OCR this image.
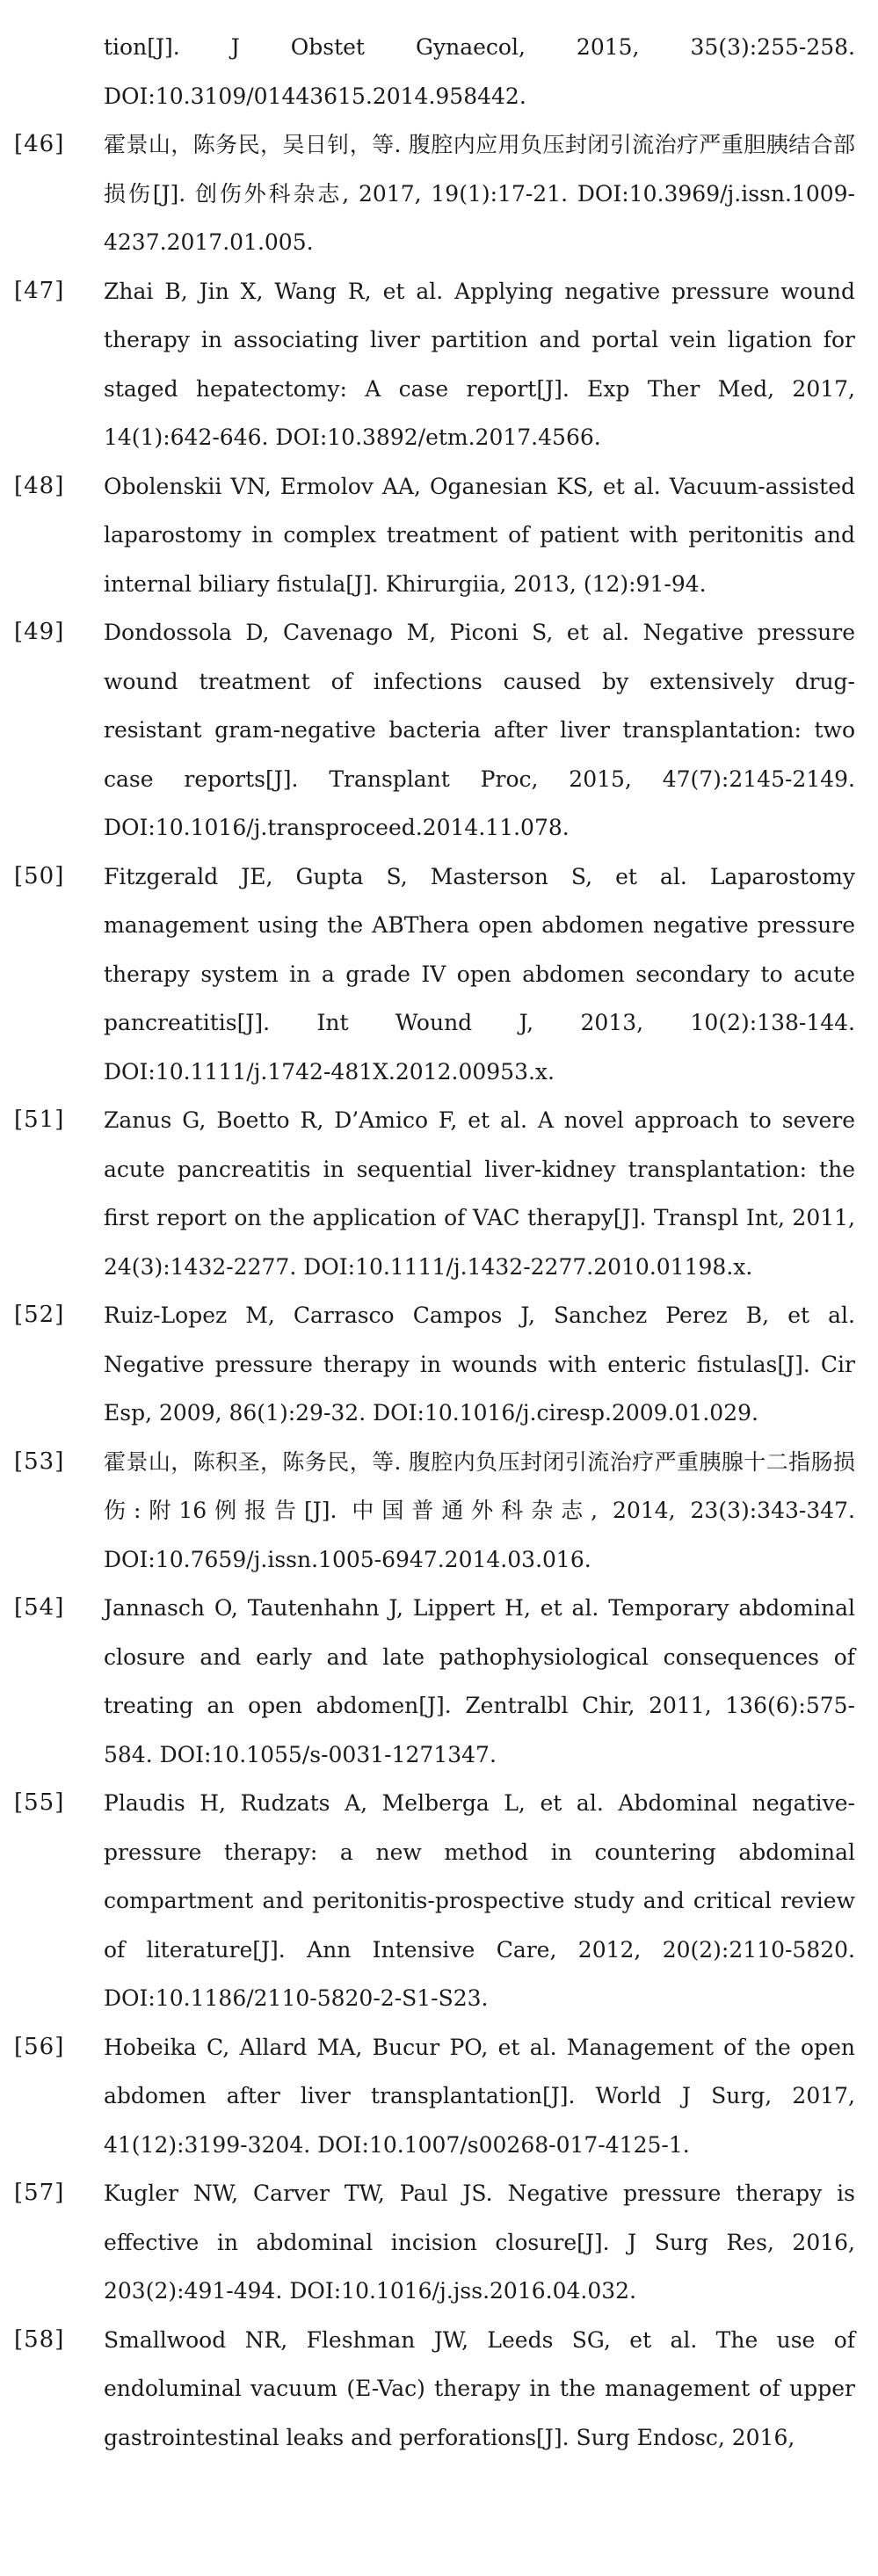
tion[J]. J Obstet Gynaecol, 2015, 35(3):255-258. DOI:10.3109/01443615.2014.958442.
[46]	霍景山，陈务民，吴日钊，等. 腹腔内应用负压封闭引流治疗严重胆胰结合部损伤[J]. 创伤外科杂志, 2017, 19(1):17-21. DOI:10.3969/j.issn.1009-4237.2017.01.005.
[47]	Zhai B, Jin X, Wang R, et al. Applying negative pressure wound therapy in associating liver partition and portal vein ligation for staged hepatectomy: A case report[J]. Exp Ther Med, 2017, 14(1):642-646. DOI:10.3892/etm.2017.4566.
[48]	Obolenskii VN, Ermolov AA, Oganesian KS, et al. Vacuum-assisted laparostomy in complex treatment of patient with peritonitis and internal biliary fistula[J]. Khirurgiia, 2013, (12):91-94.
[49]	Dondossola D, Cavenago M, Piconi S, et al. Negative pressure wound treatment of infections caused by extensively drug-resistant gram-negative bacteria after liver transplantation: two case reports[J]. Transplant Proc, 2015, 47(7):2145-2149. DOI:10.1016/j.transproceed.2014.11.078.
[50]	Fitzgerald JE, Gupta S, Masterson S, et al. Laparostomy management using the ABThera open abdomen negative pressure therapy system in a grade IV open abdomen secondary to acute pancreatitis[J]. Int Wound J, 2013, 10(2):138-144. DOI:10.1111/j.1742-481X.2012.00953.x.
[51]	Zanus G, Boetto R, D’Amico F, et al. A novel approach to severe acute pancreatitis in sequential liver-kidney transplantation: the first report on the application of VAC therapy[J]. Transpl Int, 2011, 24(3):1432-2277. DOI:10.1111/j.1432-2277.2010.01198.x.
[52]	Ruiz-Lopez M, Carrasco Campos J, Sanchez Perez B, et al. Negative pressure therapy in wounds with enteric fistulas[J]. Cir Esp, 2009, 86(1):29-32. DOI:10.1016/j.ciresp.2009.01.029.
[53]	霍景山，陈积圣，陈务民，等. 腹腔内负压封闭引流治疗严重胰腺十二指肠损伤:附16例报告[J]. 中国普通外科杂志, 2014, 23(3):343-347. DOI:10.7659/j.issn.1005-6947.2014.03.016.
[54]	Jannasch O, Tautenhahn J, Lippert H, et al. Temporary abdominal closure and early and late pathophysiological consequences of treating an open abdomen[J]. Zentralbl Chir, 2011, 136(6):575-584. DOI:10.1055/s-0031-1271347.
[55]	Plaudis H, Rudzats A, Melberga L, et al. Abdominal negative-pressure therapy: a new method in countering abdominal compartment and peritonitis-prospective study and critical review of literature[J]. Ann Intensive Care, 2012, 20(2):2110-5820. DOI:10.1186/2110-5820-2-S1-S23.
[56]	Hobeika C, Allard MA, Bucur PO, et al. Management of the open abdomen after liver transplantation[J]. World J Surg, 2017, 41(12):3199-3204. DOI:10.1007/s00268-017-4125-1.
[57]	Kugler NW, Carver TW, Paul JS. Negative pressure therapy is effective in abdominal incision closure[J]. J Surg Res, 2016, 203(2):491-494. DOI:10.1016/j.jss.2016.04.032.
[58]	Smallwood NR, Fleshman JW, Leeds SG, et al. The use of endoluminal vacuum (E-Vac) therapy in the management of upper gastrointestinal leaks and perforations[J]. Surg Endosc, 2016,
